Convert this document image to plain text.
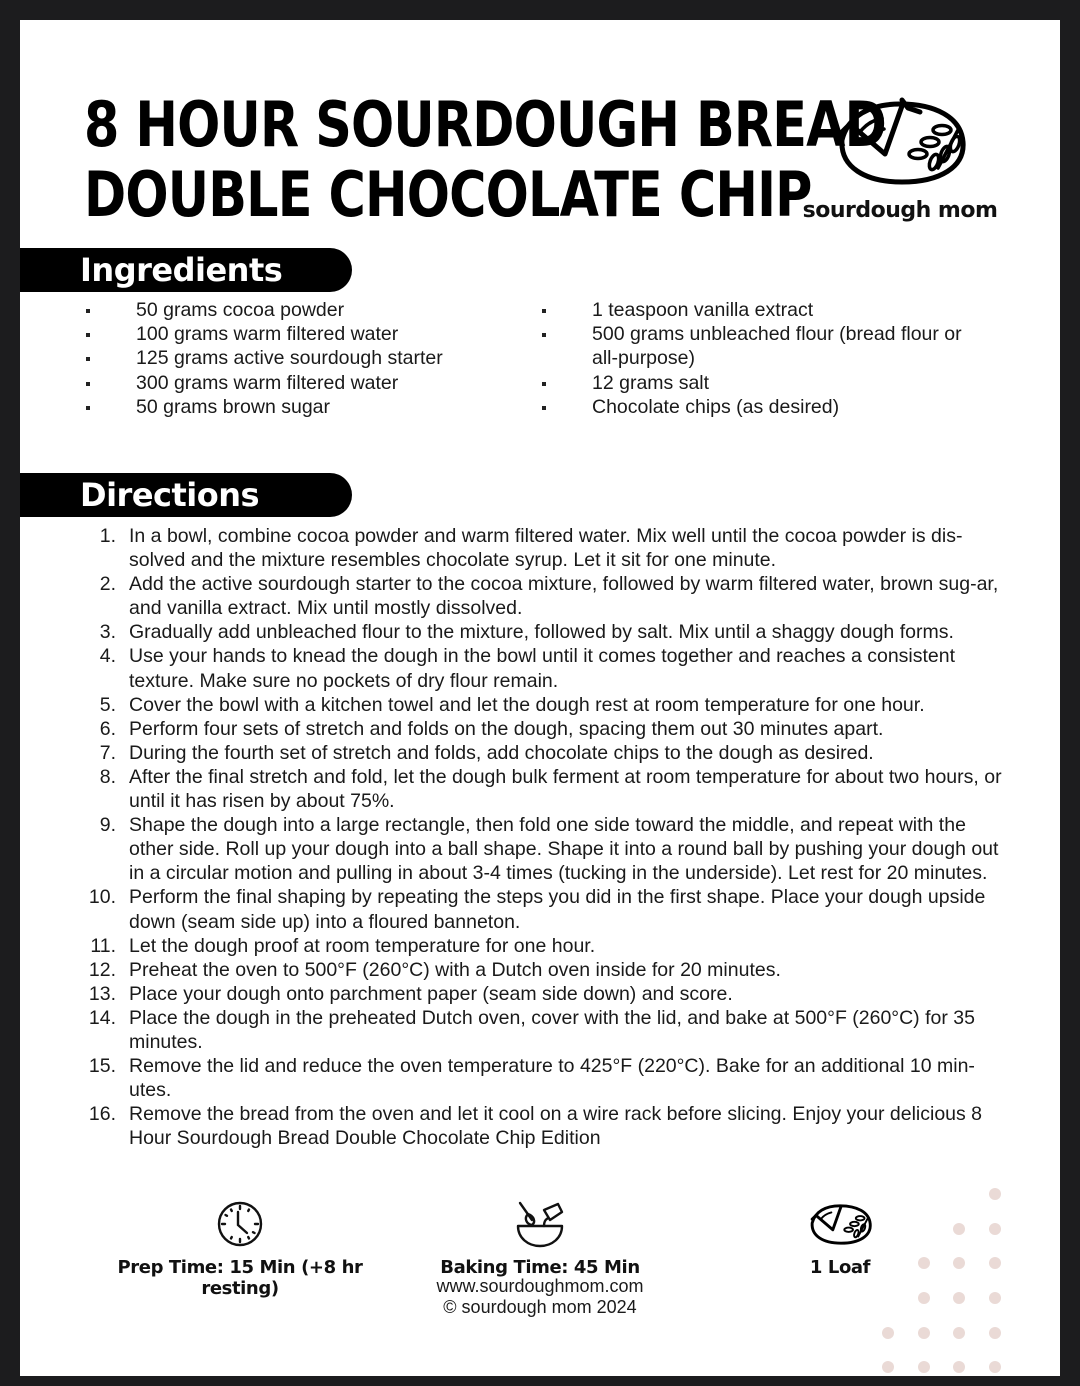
8 HOUR SOURDOUGH BREAD
DOUBLE CHOCOLATE CHIP
sourdough mom
Ingredients
50 grams cocoa powder
100 grams warm filtered water
125 grams active sourdough starter
300 grams warm filtered water
50 grams brown sugar
1 teaspoon vanilla extract
500 grams unbleached flour (bread flour or all-purpose)
12 grams salt
Chocolate chips (as desired)
Directions
1. In a bowl, combine cocoa powder and warm filtered water. Mix well until the cocoa powder is dis-solved and the mixture resembles chocolate syrup. Let it sit for one minute.
2. Add the active sourdough starter to the cocoa mixture, followed by warm filtered water, brown sug-ar, and vanilla extract. Mix until mostly dissolved.
3. Gradually add unbleached flour to the mixture, followed by salt. Mix until a shaggy dough forms.
4. Use your hands to knead the dough in the bowl until it comes together and reaches a consistent texture. Make sure no pockets of dry flour remain.
5. Cover the bowl with a kitchen towel and let the dough rest at room temperature for one hour.
6. Perform four sets of stretch and folds on the dough, spacing them out 30 minutes apart.
7. During the fourth set of stretch and folds, add chocolate chips to the dough as desired.
8. After the final stretch and fold, let the dough bulk ferment at room temperature for about two hours, or until it has risen by about 75%.
9. Shape the dough into a large rectangle, then fold one side toward the middle, and repeat with the other side. Roll up your dough into a ball shape. Shape it into a round ball by pushing your dough out in a circular motion and pulling in about 3-4 times (tucking in the underside). Let rest for 20 minutes.
10. Perform the final shaping by repeating the steps you did in the first shape. Place your dough upside down (seam side up) into a floured banneton.
11. Let the dough proof at room temperature for one hour.
12. Preheat the oven to 500°F (260°C) with a Dutch oven inside for 20 minutes.
13. Place your dough onto parchment paper (seam side down) and score.
14. Place the dough in the preheated Dutch oven, cover with the lid, and bake at 500°F (260°C) for 35 minutes.
15. Remove the lid and reduce the oven temperature to 425°F (220°C). Bake for an additional 10 min-utes.
16. Remove the bread from the oven and let it cool on a wire rack before slicing. Enjoy your delicious 8 Hour Sourdough Bread Double Chocolate Chip Edition
Prep Time: 15 Min (+8 hr resting)
Baking Time: 45 Min	1 Loaf
www.sourdoughmom.com
© sourdough mom 2024
